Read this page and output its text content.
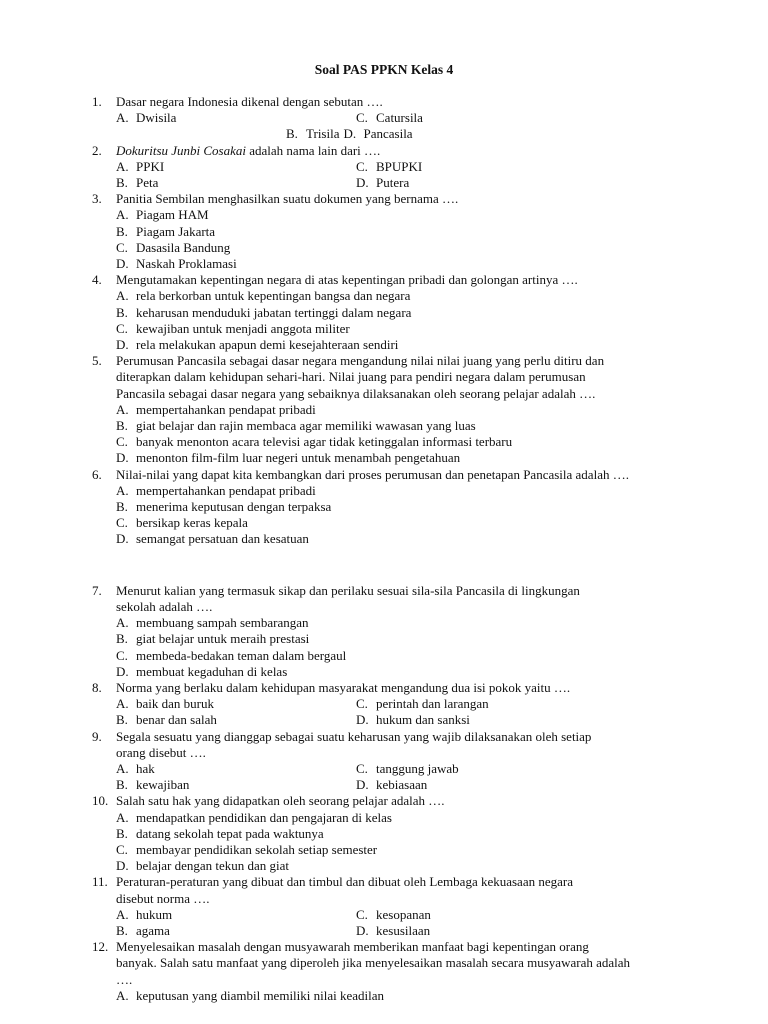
Soal PAS PPKN Kelas 4
1.	Dasar negara Indonesia dikenal dengan sebutan ….
A. Dwisila	C. Catursila
B. Trisila D. Pancasila
2.	Dokuritsu Junbi Cosakai adalah nama lain dari ….
A. PPKI	C. BPUPKI
B. Peta	D. Putera
3.	Panitia Sembilan menghasilkan suatu dokumen yang bernama ….
A. Piagam HAM
B. Piagam Jakarta
C. Dasasila Bandung
D. Naskah Proklamasi
4.	Mengutamakan kepentingan negara di atas kepentingan pribadi dan golongan artinya ….
A. rela berkorban untuk kepentingan bangsa dan negara
B. keharusan menduduki jabatan tertinggi dalam negara
C. kewajiban untuk menjadi anggota militer
D. rela melakukan apapun demi kesejahteraan sendiri
5.	Perumusan Pancasila sebagai dasar negara mengandung nilai nilai juang yang perlu ditiru dan
diterapkan dalam kehidupan sehari-hari. Nilai juang para pendiri negara dalam perumusan
Pancasila sebagai dasar negara yang sebaiknya dilaksanakan oleh seorang pelajar adalah ….
A. mempertahankan pendapat pribadi
B. giat belajar dan rajin membaca agar memiliki wawasan yang luas
C. banyak menonton acara televisi agar tidak ketinggalan informasi terbaru
D. menonton film-film luar negeri untuk menambah pengetahuan
6.	Nilai-nilai yang dapat kita kembangkan dari proses perumusan dan penetapan Pancasila adalah ….
A. mempertahankan pendapat pribadi
B. menerima keputusan dengan terpaksa
C. bersikap keras kepala
D. semangat persatuan dan kesatuan
7.	Menurut kalian yang termasuk sikap dan perilaku sesuai sila-sila Pancasila di lingkungan
sekolah adalah ….
A. membuang sampah sembarangan
B. giat belajar untuk meraih prestasi
C. membeda-bedakan teman dalam bergaul
D. membuat kegaduhan di kelas
8.	Norma yang berlaku dalam kehidupan masyarakat mengandung dua isi pokok yaitu ….
A. baik dan buruk	C. perintah dan larangan
B. benar dan salah	D. hukum dan sanksi
9.	Segala sesuatu yang dianggap sebagai suatu keharusan yang wajib dilaksanakan oleh setiap
orang disebut ….
A. hak	C. tanggung jawab
B. kewajiban	D. kebiasaan
10. Salah satu hak yang didapatkan oleh seorang pelajar adalah ….
A. mendapatkan pendidikan dan pengajaran di kelas
B. datang sekolah tepat pada waktunya
C. membayar pendidikan sekolah setiap semester
D. belajar dengan tekun dan giat
11. Peraturan-peraturan yang dibuat dan timbul dan dibuat oleh Lembaga kekuasaan negara
disebut norma ….
A. hukum	C. kesopanan
B. agama	D. kesusilaan
12. Menyelesaikan masalah dengan musyawarah memberikan manfaat bagi kepentingan orang
banyak. Salah satu manfaat yang diperoleh jika menyelesaikan masalah secara musyawarah adalah
….
A. keputusan yang diambil memiliki nilai keadilan
